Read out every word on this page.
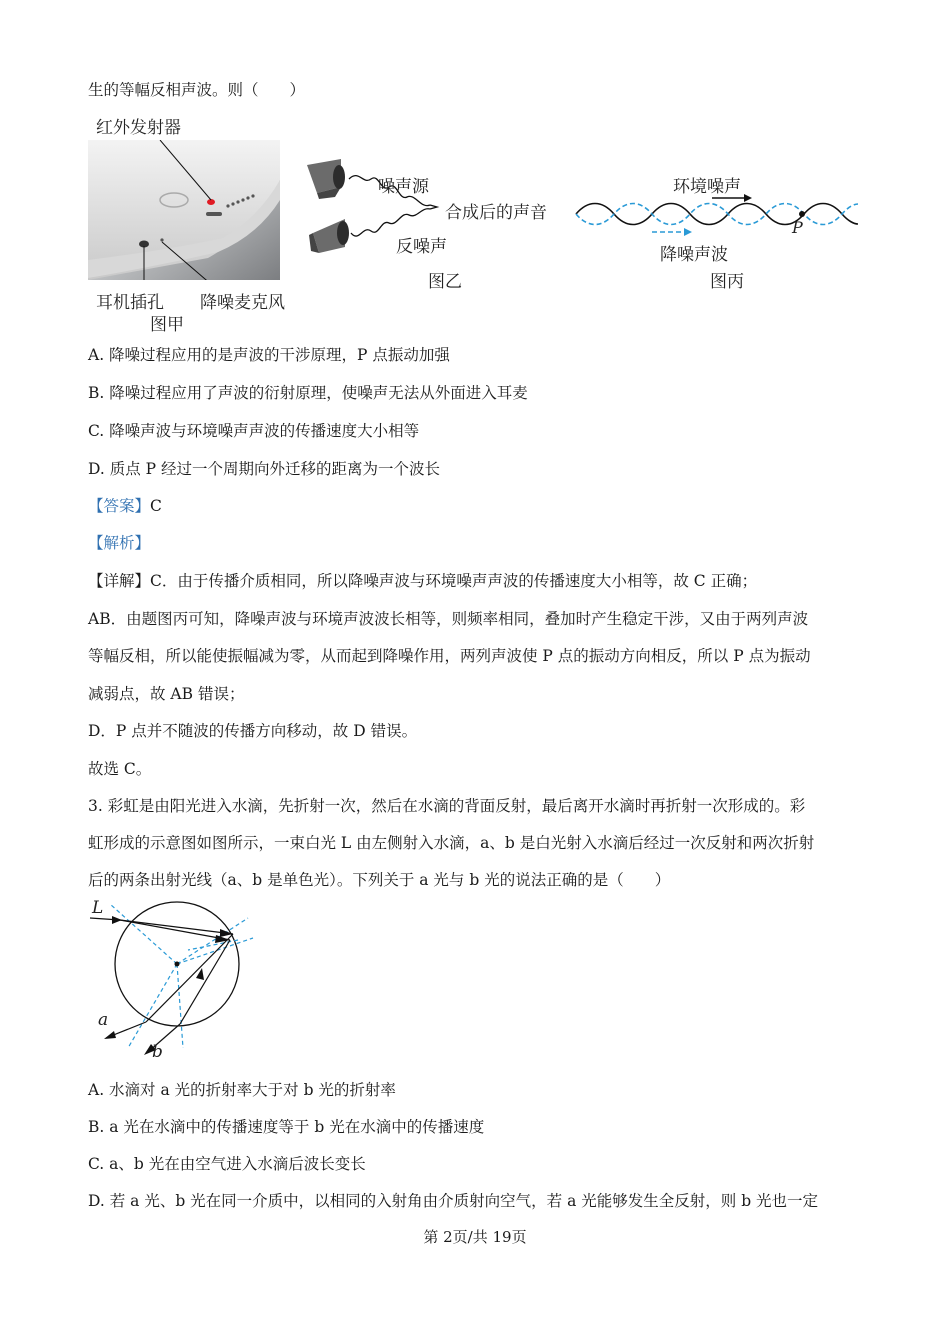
生的等幅反相声波。则（　　）
红外发射器
耳机插孔 降噪麦克风
图甲
噪声源
合成后的声音
反噪声
图乙
环境噪声
P
降噪声波
图丙
A. 降噪过程应用的是声波的干涉原理，P 点振动加强
B. 降噪过程应用了声波的衍射原理，使噪声无法从外面进入耳麦
C. 降噪声波与环境噪声声波的传播速度大小相等
D. 质点 P 经过一个周期向外迁移的距离为一个波长
【答案】C
【解析】
【详解】C．由于传播介质相同，所以降噪声波与环境噪声声波的传播速度大小相等，故 C 正确；
AB．由题图丙可知，降噪声波与环境声波波长相等，则频率相同，叠加时产生稳定干涉，又由于两列声波
等幅反相，所以能使振幅减为零，从而起到降噪作用，两列声波使 P 点的振动方向相反，所以 P 点为振动
减弱点，故 AB 错误；
D．P 点并不随波的传播方向移动，故 D 错误。
故选 C。
3. 彩虹是由阳光进入水滴，先折射一次，然后在水滴的背面反射，最后离开水滴时再折射一次形成的。彩
虹形成的示意图如图所示，一束白光 L 由左侧射入水滴，a、b 是白光射入水滴后经过一次反射和两次折射
后的两条出射光线（a、b 是单色光）。下列关于 a 光与 b 光的说法正确的是（　　）
L
a
b
A. 水滴对 a 光的折射率大于对 b 光的折射率
B. a 光在水滴中的传播速度等于 b 光在水滴中的传播速度
C. a、b 光在由空气进入水滴后波长变长
D. 若 a 光、b 光在同一介质中，以相同的入射角由介质射向空气，若 a 光能够发生全反射，则 b 光也一定
第 2页/共 19页
